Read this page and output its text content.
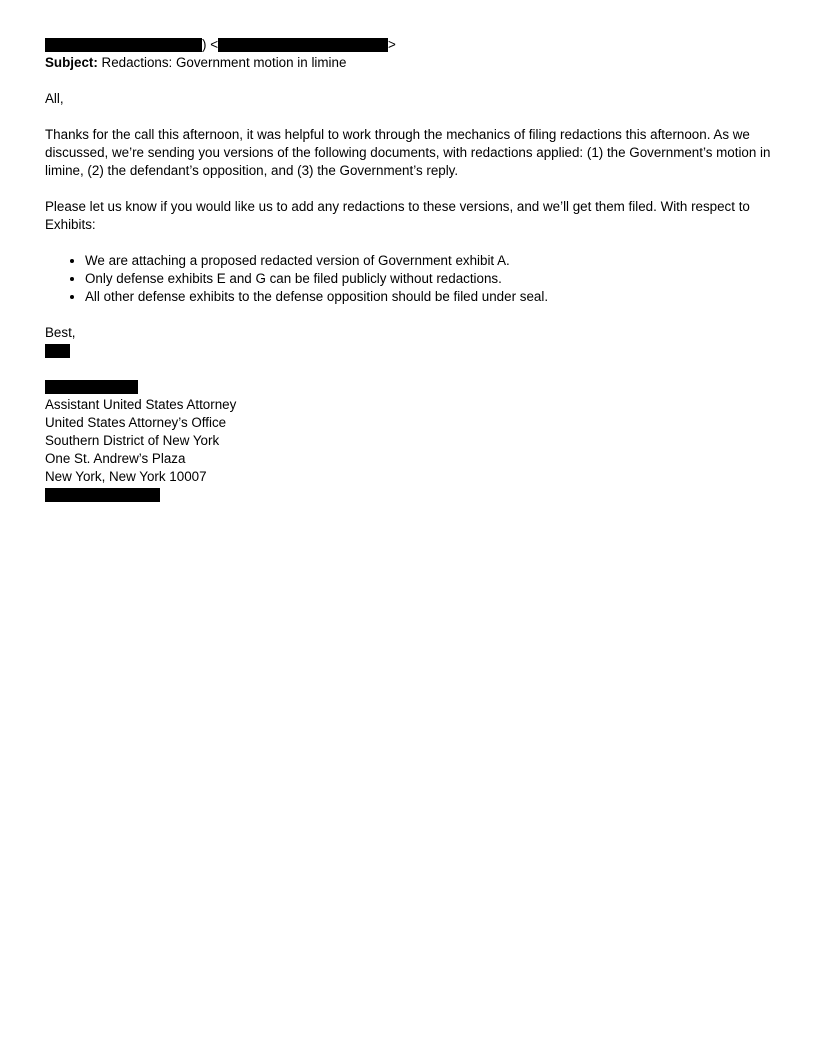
) <	>
Subject: Redactions: Government motion in limine
All,
Thanks for the call this afternoon, it was helpful to work through the mechanics of filing redactions this afternoon. As we discussed, we’re sending you versions of the following documents, with redactions applied: (1) the Government’s motion in limine, (2) the defendant’s opposition, and (3) the Government’s reply.
Please let us know if you would like us to add any redactions to these versions, and we’ll get them filed. With respect to Exhibits:
• We are attaching a proposed redacted version of Government exhibit A.
• Only defense exhibits E and G can be filed publicly without redactions.
• All other defense exhibits to the defense opposition should be filed under seal.
Best,
Assistant United States Attorney
United States Attorney’s Office
Southern District of New York
One St. Andrew’s Plaza
New York, New York 10007
